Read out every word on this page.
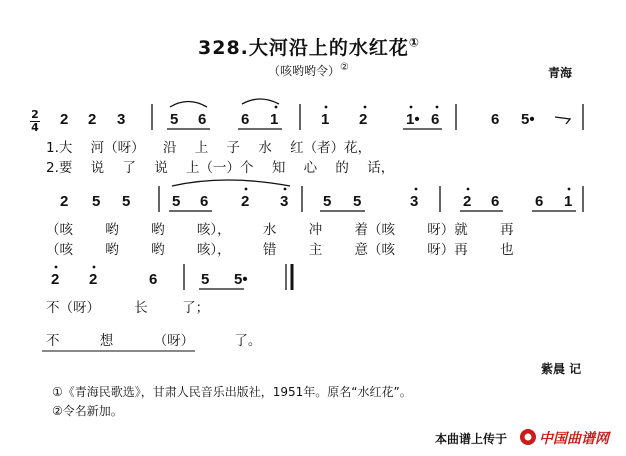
328.大河沿上的水红花①
（咳哟哟令）②	青海
2
4 2 2 3	5 6 6 1	1 2	1• 6	6 5•
1.大 河（呀） 沿 上 子 水 红（者）花，
2.要 说 了 说 上（一）个 知 心 的 话，
2 5 5	5 6 2 3 5 5	3	2 6 6 1
（咳 哟 哟 咳）， 水 冲 着（咳 呀）就 再
（咳 哟 哟 咳）， 错 主 意（咳 呀）再 也
2 2	6	5 5•
不（呀） 长 了；
不 想 （呀） 了。
紫晨 记
①《青海民歌选》，甘肃人民音乐出版社，1951年。原名“水红花”。
②令名新加。
本曲谱上传于 中国曲谱网
